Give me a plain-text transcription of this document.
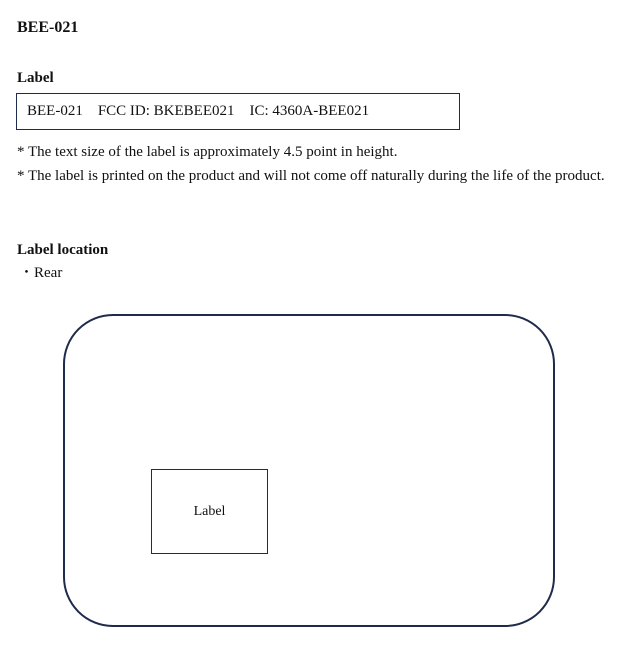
BEE-021
Label
BEE-021    FCC ID: BKEBEE021    IC: 4360A-BEE021
* The text size of the label is approximately 4.5 point in height.
* The label is printed on the product and will not come off naturally during the life of the product.
Label location
・Rear
Label
